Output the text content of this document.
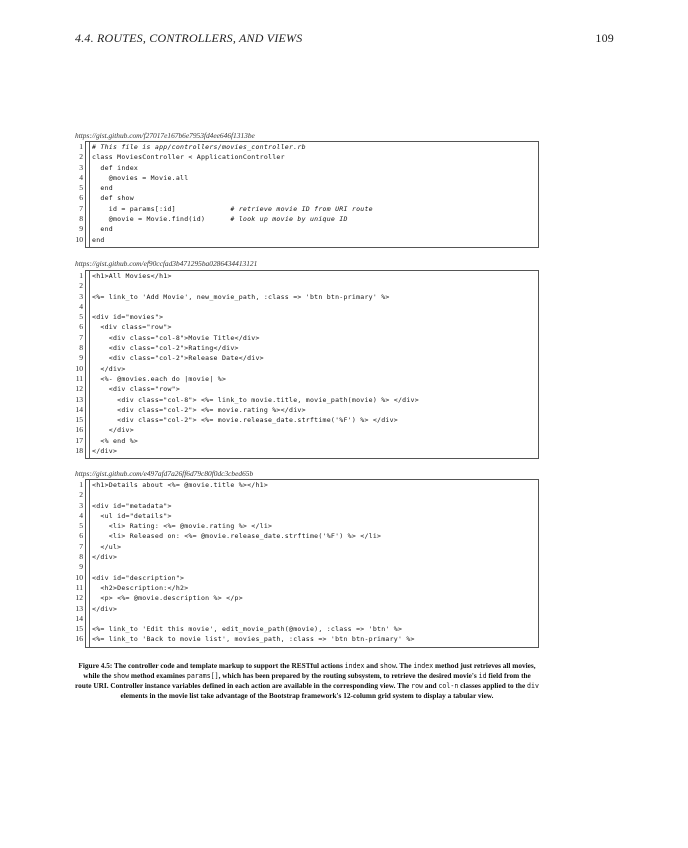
4.4. ROUTES, CONTROLLERS, AND VIEWS	109
https://gist.github.com/f27017e167b6e7953fd4ee646f1313be
1
2
3
4
5
6
7
8
9
10
# This file is app/controllers/movies_controller.rb
class MoviesController < ApplicationController
def index
@movies = Movie.all
end
def show
id = params[:id]             # retrieve movie ID from URI route
@movie = Movie.find(id)      # look up movie by unique ID
end
end
https://gist.github.com/ef90ccfad3b471295ba0286434413121
1
2
3
4
5
6
7
8
9
10
11
12
13
14
15
16
17
18
<h1>All Movies</h1>
<%= link_to 'Add Movie', new_movie_path, :class => 'btn btn-primary' %>
<div id="movies">
<div class="row">
<div class="col-8">Movie Title</div>
<div class="col-2">Rating</div>
<div class="col-2">Release Date</div>
</div>
<%- @movies.each do |movie| %>
<div class="row">
<div class="col-8"> <%= link_to movie.title, movie_path(movie) %> </div>
<div class="col-2"> <%= movie.rating %></div>
<div class="col-2"> <%= movie.release_date.strftime('%F') %> </div>
</div>
<% end %>
</div>
https://gist.github.com/e497afd7a26ff6d79c80f0dc3cbed65b
1
2
3
4
5
6
7
8
9
10
11
12
13
14
15
16
<h1>Details about <%= @movie.title %></h1>
<div id="metadata">
<ul id="details">
<li> Rating: <%= @movie.rating %> </li>
<li> Released on: <%= @movie.release_date.strftime('%F') %> </li>
</ul>
</div>
<div id="description">
<h2>Description:</h2>
<p> <%= @movie.description %> </p>
</div>
<%= link_to 'Edit this movie', edit_movie_path(@movie), :class => 'btn' %>
<%= link_to 'Back to movie list', movies_path, :class => 'btn btn-primary' %>
Figure 4.5: The controller code and template markup to support the RESTful actions index and show. The index method just retrieves all movies, while the show method examines params[], which has been prepared by the routing subsystem, to retrieve the desired movie's id field from the route URI. Controller instance variables defined in each action are available in the corresponding view. The row and col-n classes applied to the div elements in the movie list take advantage of the Bootstrap framework's 12-column grid system to display a tabular view.
